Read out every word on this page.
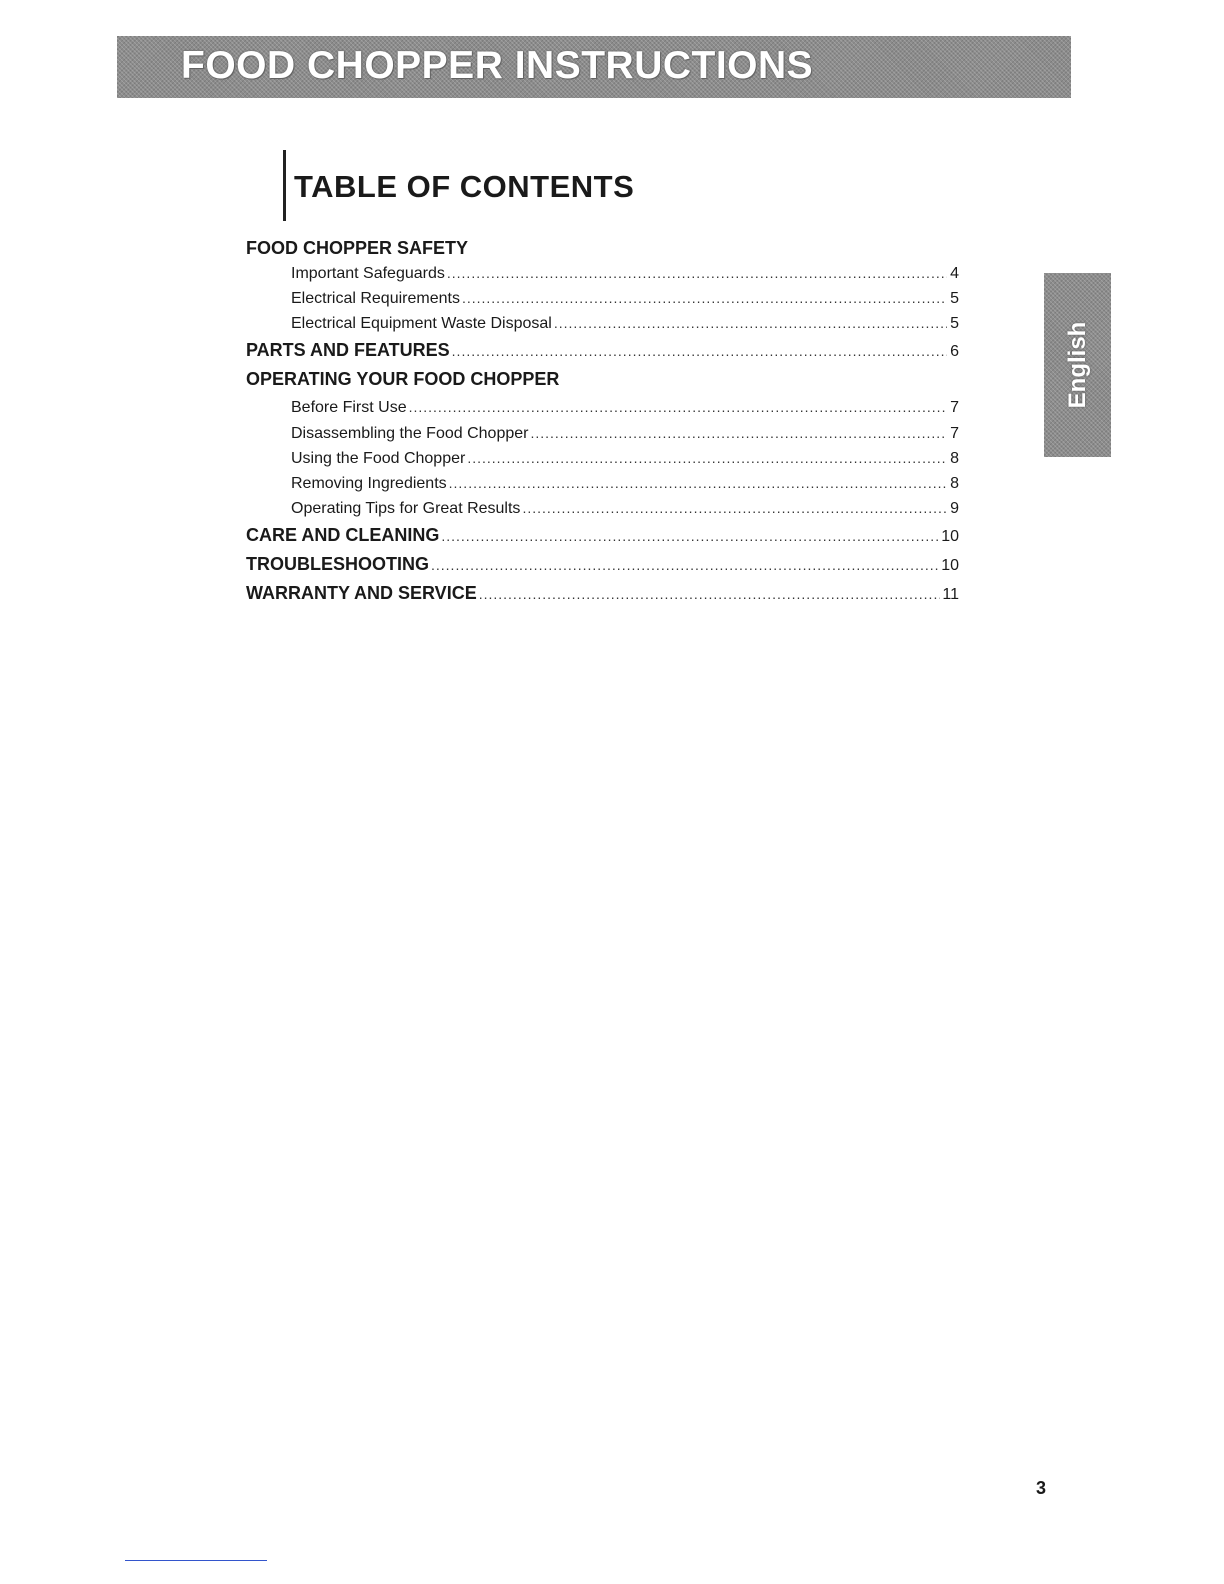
FOOD CHOPPER INSTRUCTIONS
TABLE OF CONTENTS
FOOD CHOPPER SAFETY
Important Safeguards .....	4
Electrical Requirements .....	5
Electrical Equipment Waste Disposal .....	5
PARTS AND FEATURES .....	6
OPERATING YOUR FOOD CHOPPER
Before First Use .....	7
Disassembling the Food Chopper .....	7
Using the Food Chopper .....	8
Removing Ingredients .....	8
Operating Tips for Great Results .....	9
CARE AND CLEANING .....	10
TROUBLESHOOTING .....	10
WARRANTY AND SERVICE .....	11
English
3
